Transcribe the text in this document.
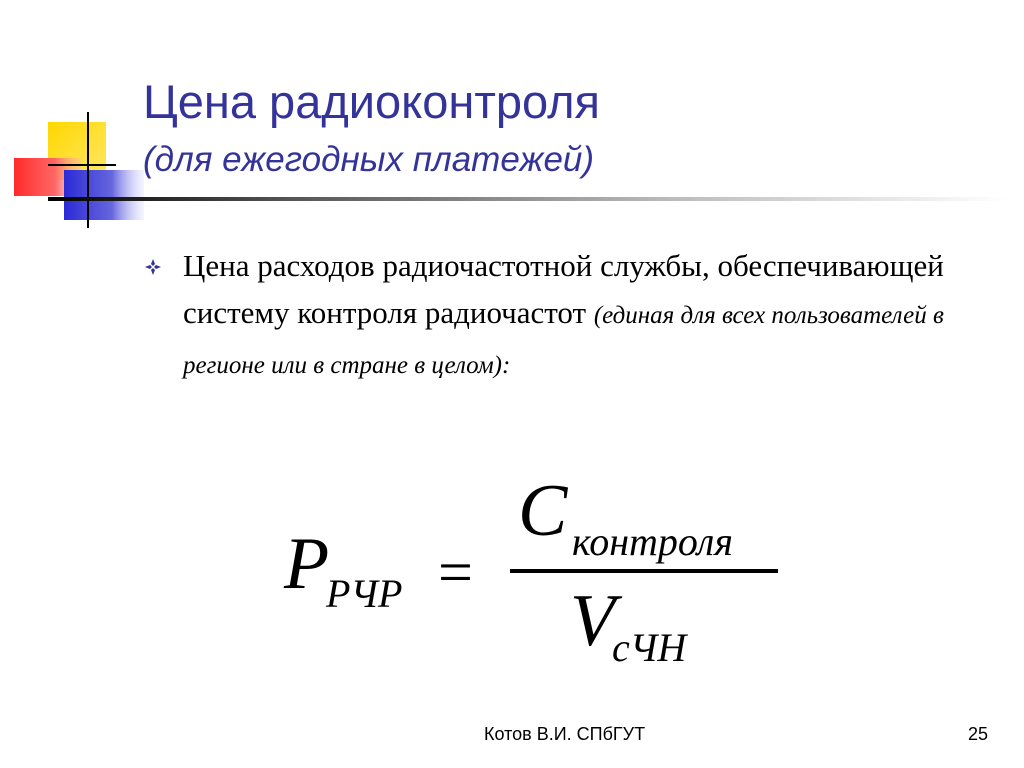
Цена радиоконтроля
(для ежегодных платежей)
Цена расходов радиочастотной службы, обеспечивающей систему контроля радиочастот (единая для всех пользователей в регионе или в стране в целом):
P
РЧР =
C контроля
V
сЧН
Котов В.И. СПбГУТ	25
